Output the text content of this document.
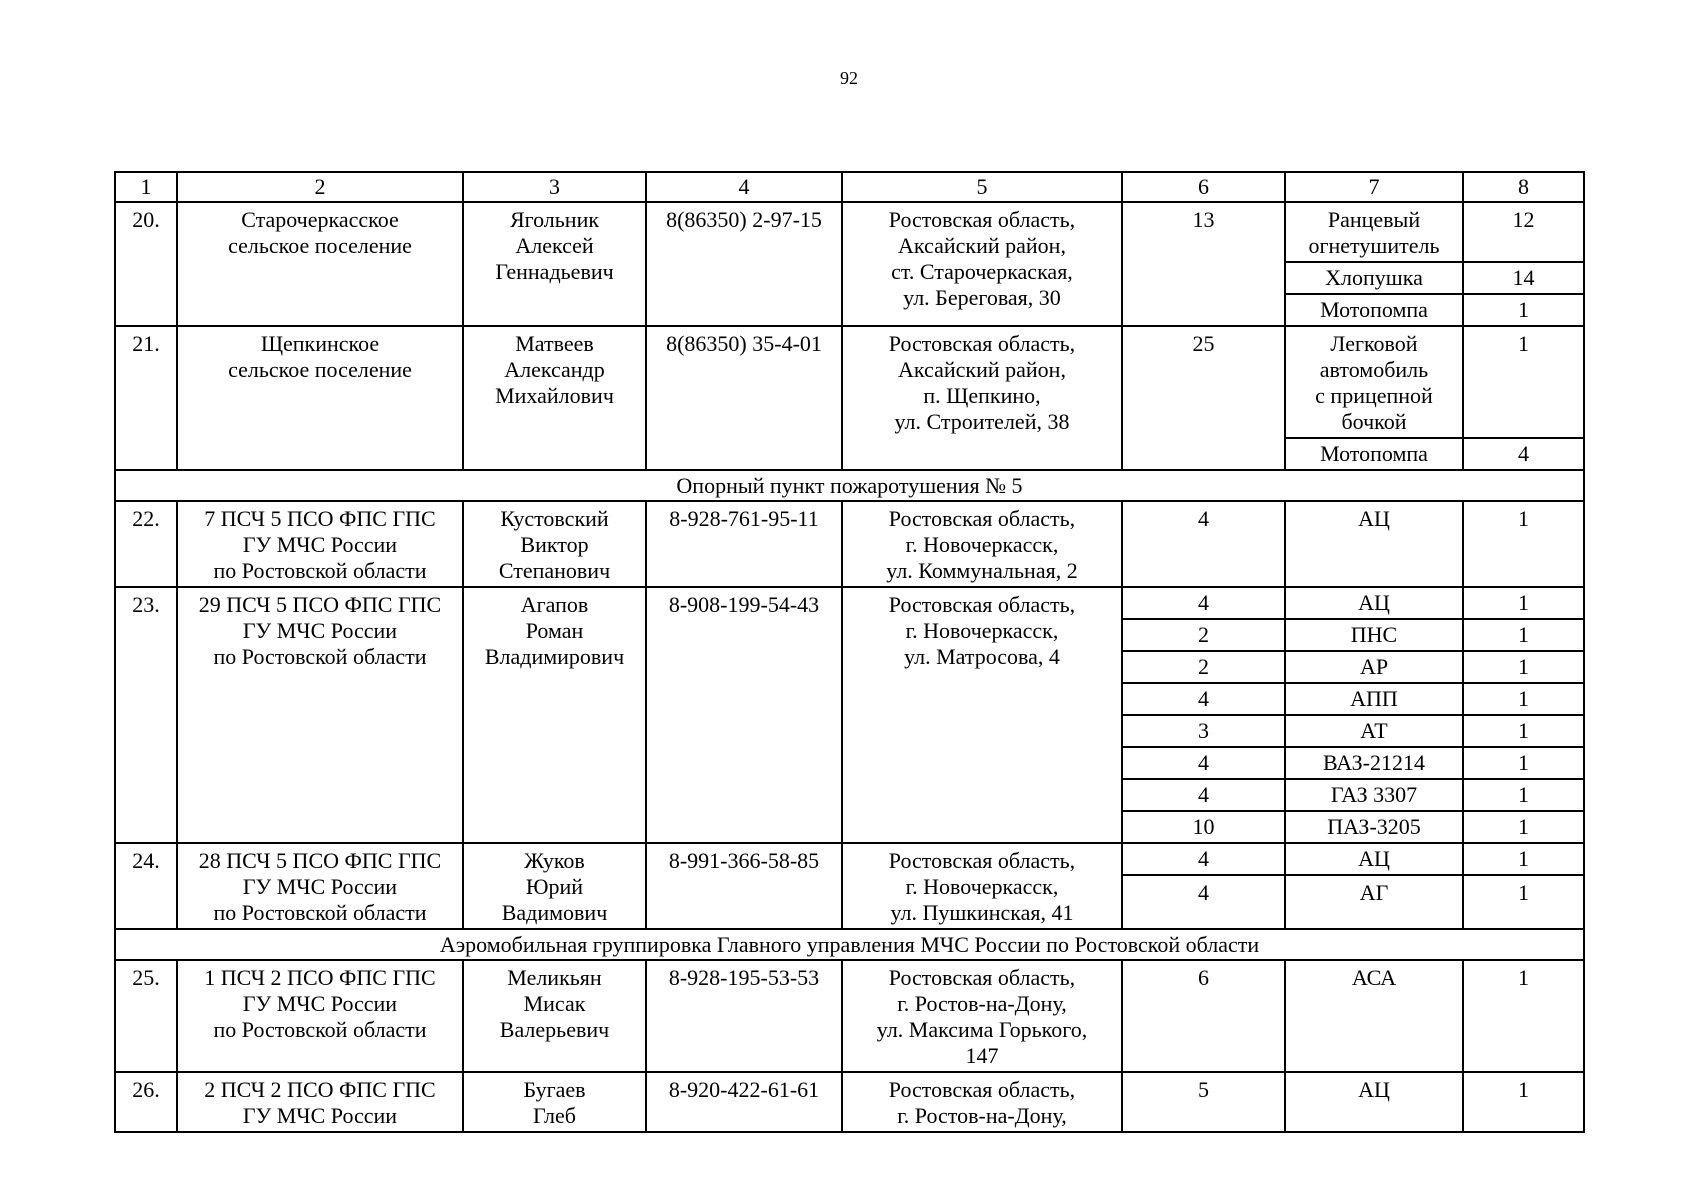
92
1	2	3	4	5	6	7	8
20.	Старочеркасское
сельское поселение	Ягольник
Алексей
Геннадьевич	8(86350) 2-97-15	Ростовская область,
Аксайский район,
ст. Старочеркаская,
ул. Береговая, 30	13	Ранцевый
огнетушитель	12
						Хлопушка	14
						Мотопомпа	1
21.	Щепкинское
сельское поселение	Матвеев
Александр
Михайлович	8(86350) 35-4-01	Ростовская область,
Аксайский район,
п. Щепкино,
ул. Строителей, 38	25	Легковой
автомобиль
с прицепной
бочкой	1
						Мотопомпа	4
Опорный пункт пожаротушения № 5							
22.	7 ПСЧ 5 ПСО ФПС ГПС
ГУ МЧС России
по Ростовской области	Кустовский
Виктор
Степанович	8-928-761-95-11	Ростовская область,
г. Новочеркасск,
ул. Коммунальная, 2	4	АЦ	1
23.	29 ПСЧ 5 ПСО ФПС ГПС
ГУ МЧС России
по Ростовской области	Агапов
Роман
Владимирович	8-908-199-54-43	Ростовская область,
г. Новочеркасск,
ул. Матросова, 4	4	АЦ	1
					2	ПНС	1
					2	АР	1
					4	АПП	1
					3	АТ	1
					4	ВАЗ-21214	1
					4	ГАЗ 3307	1
					10	ПАЗ-3205	1
24.	28 ПСЧ 5 ПСО ФПС ГПС
ГУ МЧС России
по Ростовской области	Жуков
Юрий
Вадимович	8-991-366-58-85	Ростовская область,
г. Новочеркасск,
ул. Пушкинская, 41	4	АЦ	1
					4	АГ	1
Аэромобильная группировка Главного управления МЧС России по Ростовской области							
25.	1 ПСЧ 2 ПСО ФПС ГПС
ГУ МЧС России
по Ростовской области	Меликьян
Мисак
Валерьевич	8-928-195-53-53	Ростовская область,
г. Ростов-на-Дону,
ул. Максима Горького,
147	6	АСА	1
26.	2 ПСЧ 2 ПСО ФПС ГПС
ГУ МЧС России	Бугаев
Глеб	8-920-422-61-61	Ростовская область,
г. Ростов-на-Дону,	5	АЦ	1
